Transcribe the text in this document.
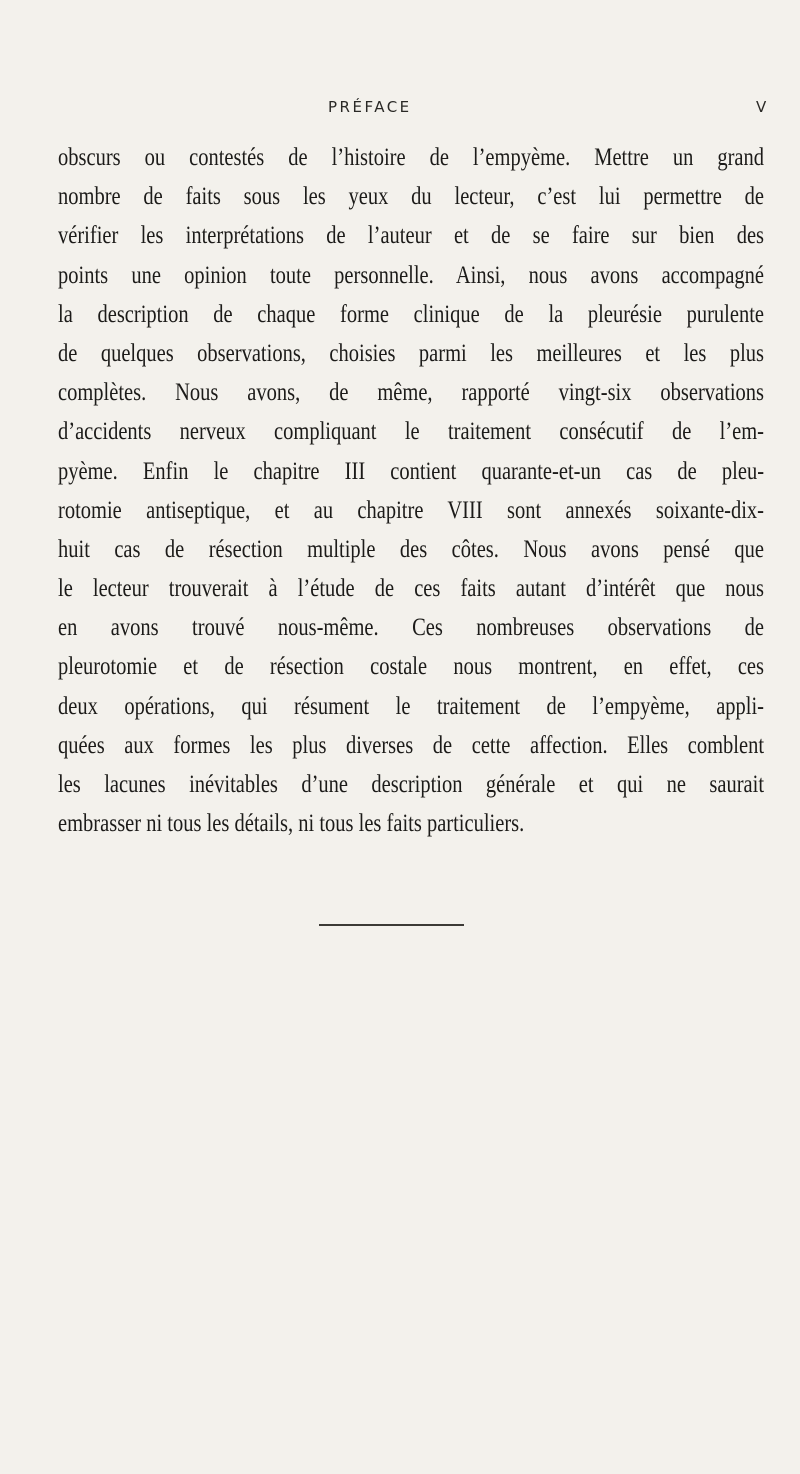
PRÉFACE	V
obscurs ou contestés de l’histoire de l’empyème. Mettre un grand
nombre de faits sous les yeux du lecteur, c’est lui permettre de
vérifier les interprétations de l’auteur et de se faire sur bien des
points une opinion toute personnelle. Ainsi, nous avons accompagné
la description de chaque forme clinique de la pleurésie purulente
de quelques observations, choisies parmi les meilleures et les plus
complètes. Nous avons, de même, rapporté vingt-six observations
d’accidents nerveux compliquant le traitement consécutif de l’em-
pyème. Enfin le chapitre III contient quarante-et-un cas de pleu-
rotomie antiseptique, et au chapitre VIII sont annexés soixante-dix-
huit cas de résection multiple des côtes. Nous avons pensé que
le lecteur trouverait à l’étude de ces faits autant d’intérêt que nous
en avons trouvé nous-même. Ces nombreuses observations de
pleurotomie et de résection costale nous montrent, en effet, ces
deux opérations, qui résument le traitement de l’empyème, appli-
quées aux formes les plus diverses de cette affection. Elles comblent
les lacunes inévitables d’une description générale et qui ne saurait
embrasser ni tous les détails, ni tous les faits particuliers.
